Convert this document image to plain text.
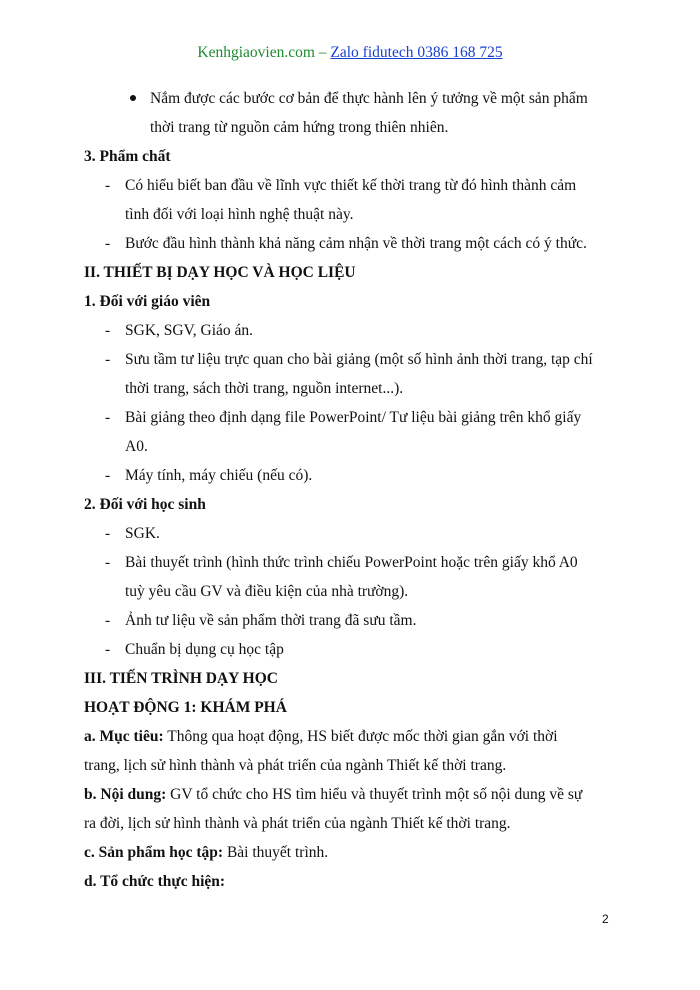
Kenhgiaovien.com – Zalo fidutech 0386 168 725
Nắm được các bước cơ bản để thực hành lên ý tưởng về một sản phẩm
thời trang từ nguồn cảm hứng trong thiên nhiên.
3. Phẩm chất
- Có hiểu biết ban đầu về lĩnh vực thiết kế thời trang từ đó hình thành cảm
tình đối với loại hình nghệ thuật này.
- Bước đầu hình thành khả năng cảm nhận về thời trang một cách có ý thức.
II. THIẾT BỊ DẠY HỌC VÀ HỌC LIỆU
1. Đối với giáo viên
- SGK, SGV, Giáo án.
- Sưu tầm tư liệu trực quan cho bài giảng (một số hình ảnh thời trang, tạp chí
thời trang, sách thời trang, nguồn internet...).
- Bài giảng theo định dạng file PowerPoint/ Tư liệu bài giảng trên khổ giấy
A0.
- Máy tính, máy chiếu (nếu có).
2. Đối với học sinh
- SGK.
- Bài thuyết trình (hình thức trình chiếu PowerPoint hoặc trên giấy khổ A0
tuỳ yêu cầu GV và điều kiện của nhà trường).
- Ảnh tư liệu về sản phẩm thời trang đã sưu tầm.
- Chuẩn bị dụng cụ học tập
III. TIẾN TRÌNH DẠY HỌC
HOẠT ĐỘNG 1: KHÁM PHÁ
a. Mục tiêu: Thông qua hoạt động, HS biết được mốc thời gian gắn với thời
trang, lịch sử hình thành và phát triển của ngành Thiết kế thời trang.
b. Nội dung: GV tổ chức cho HS tìm hiểu và thuyết trình một số nội dung về sự
ra đời, lịch sử hình thành và phát triển của ngành Thiết kế thời trang.
c. Sản phẩm học tập: Bài thuyết trình.
d. Tổ chức thực hiện:
2
